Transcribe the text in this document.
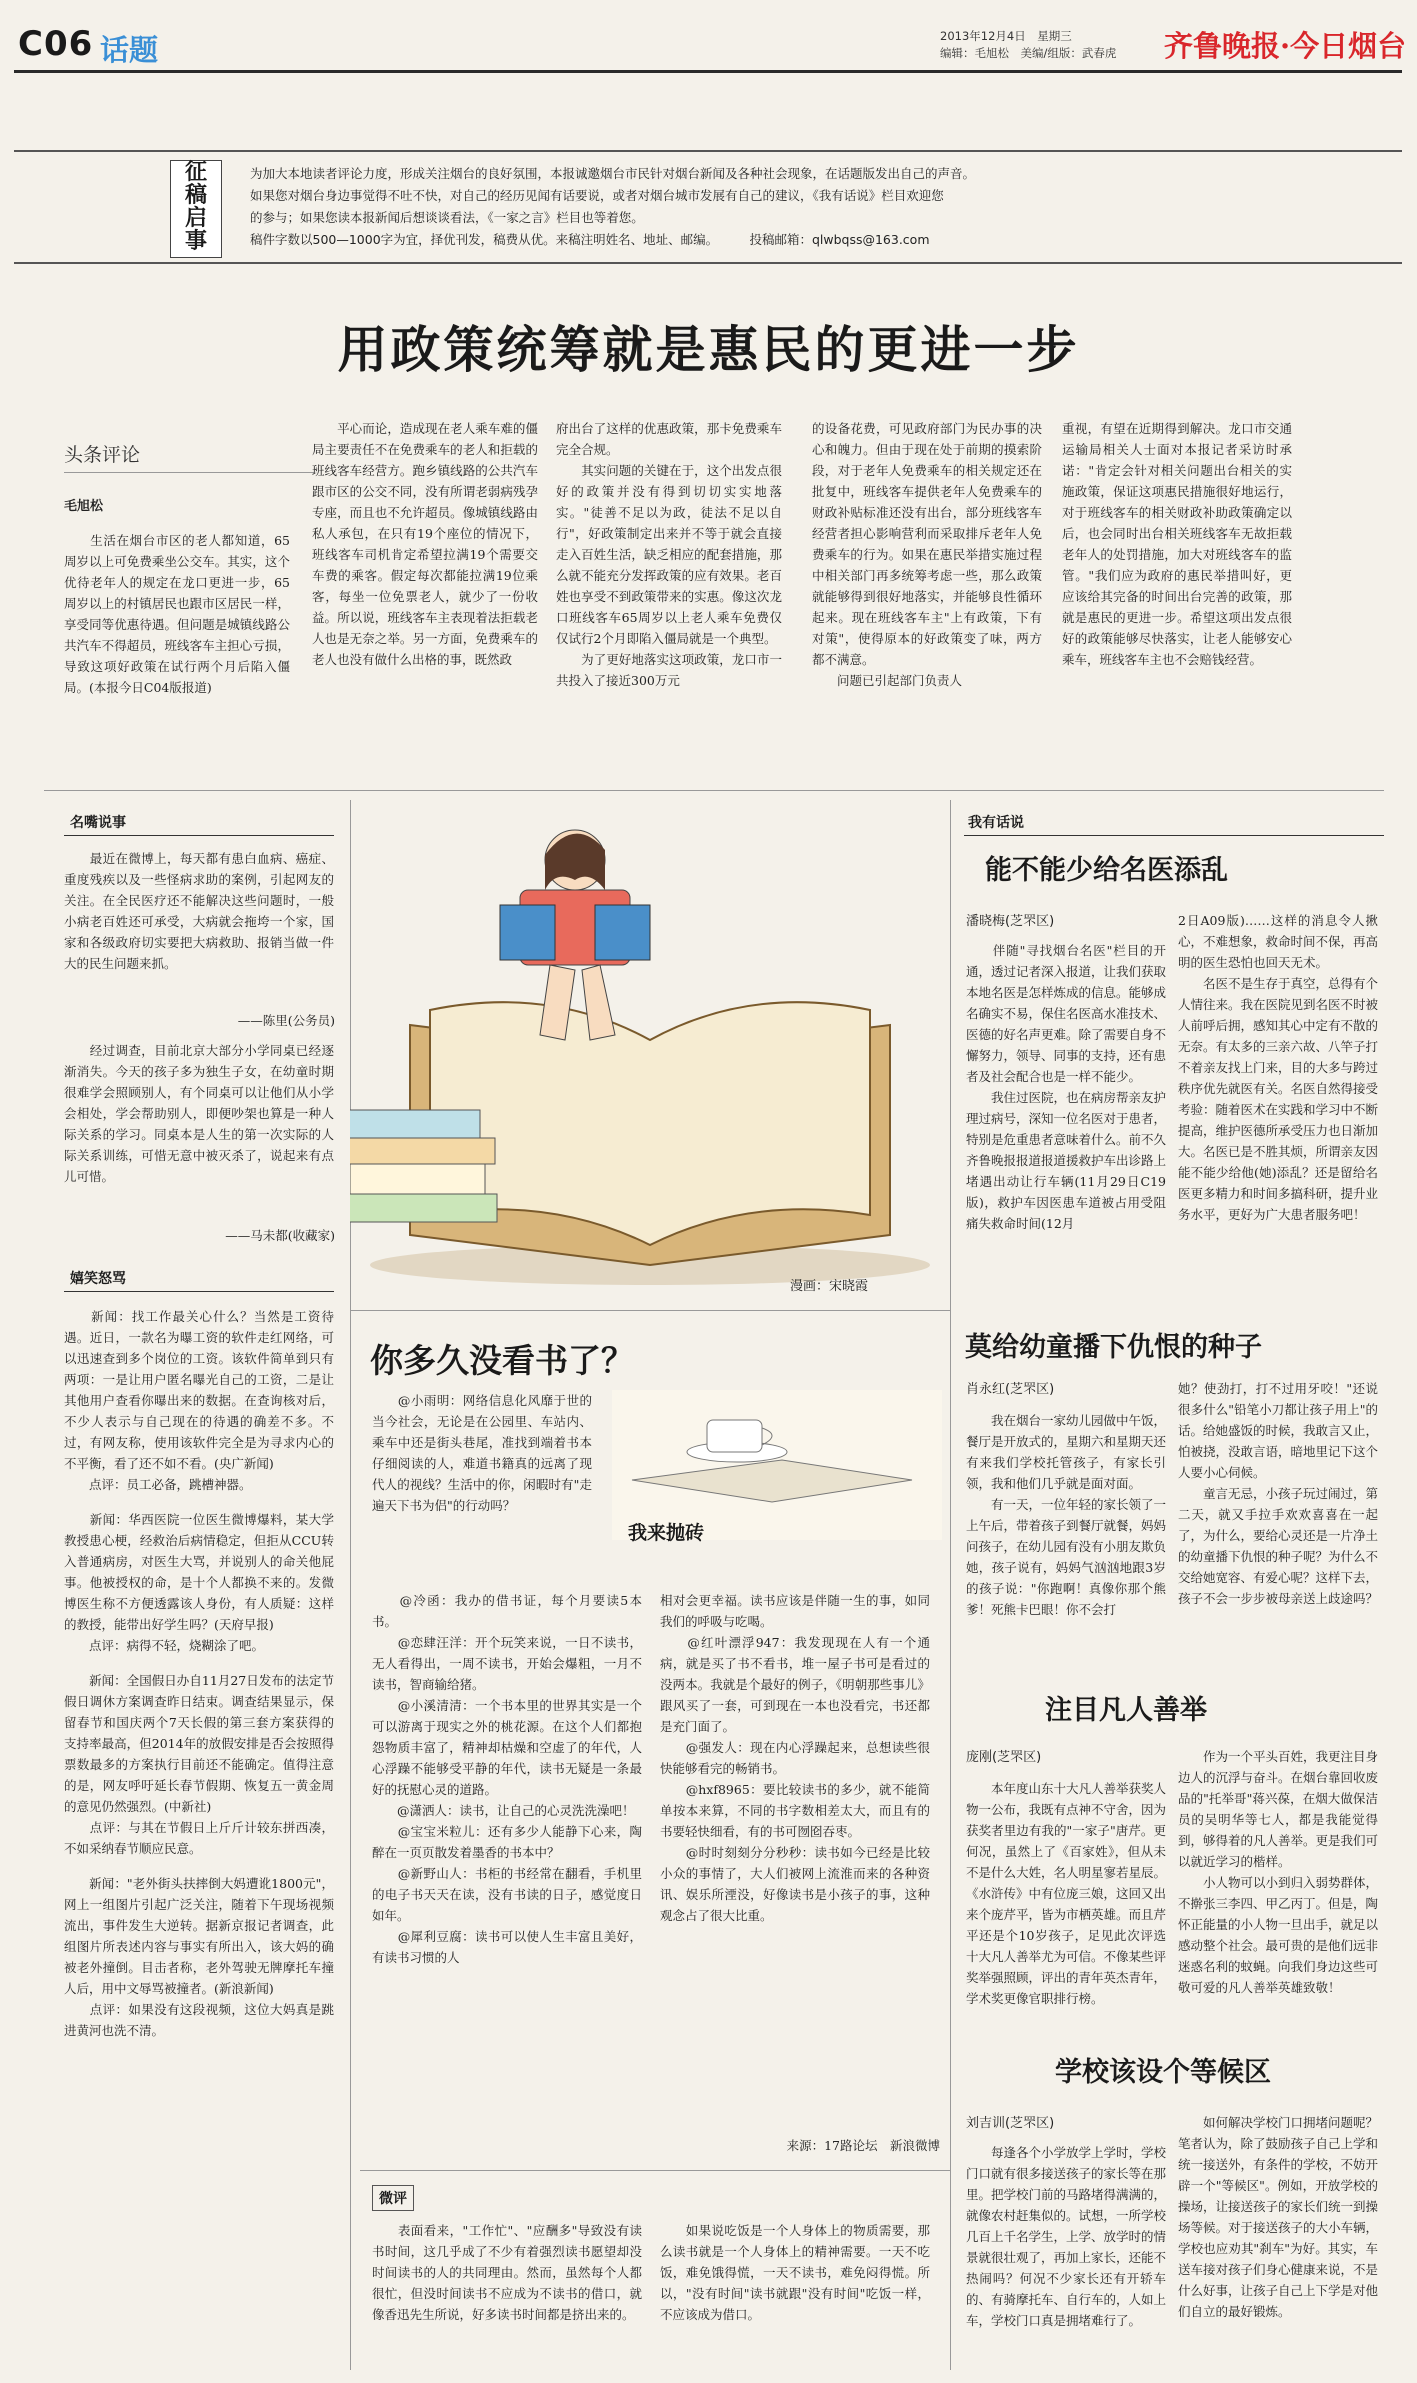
C06 话题	2013年12月4日　星期三
编辑：毛旭松　美编/组版：武春虎 齐鲁晚报·今日烟台
征
稿
启
事
为加大本地读者评论力度，形成关注烟台的良好氛围，本报诚邀烟台市民针对烟台新闻及各种社会现象，在话题版发出自己的声音。
如果您对烟台身边事觉得不吐不快，对自己的经历见闻有话要说，或者对烟台城市发展有自己的建议，《我有话说》栏目欢迎您
的参与；如果您读本报新闻后想谈谈看法，《一家之言》栏目也等着您。
稿件字数以500—1000字为宜，择优刊发，稿费从优。来稿注明姓名、地址、邮编。　　　	投稿邮箱：qlwbqss@163.com
用政策统筹就是惠民的更进一步
头条评论
毛旭松
　　生活在烟台市区的老人都知道，65周岁以上可免费乘坐公交车。其实，这个优待老年人的规定在龙口更进一步，65周岁以上的村镇居民也跟市区居民一样，享受同等优惠待遇。但问题是城镇线路公共汽车不得超员，班线客车主担心亏损，导致这项好政策在试行两个月后陷入僵局。(本报今日C04版报道)
　　平心而论，造成现在老人乘车难的僵局主要责任不在免费乘车的老人和拒载的班线客车经营方。跑乡镇线路的公共汽车跟市区的公交不同，没有所谓老弱病残孕专座，而且也不允许超员。像城镇线路由私人承包，在只有19个座位的情况下，班线客车司机肯定希望拉满19个需要交车费的乘客。假定每次都能拉满19位乘客，每坐一位免票老人，就少了一份收益。所以说，班线客车主表现着法拒载老人也是无奈之举。另一方面，免费乘车的老人也没有做什么出格的事，既然政
府出台了这样的优惠政策，那卡免费乘车完全合规。
　　其实问题的关键在于，这个出发点很好的政策并没有得到切切实实地落实。"徒善不足以为政，徒法不足以自行"，好政策制定出来并不等于就会直接走入百姓生活，缺乏相应的配套措施，那么就不能充分发挥政策的应有效果。老百姓也享受不到政策带来的实惠。像这次龙口班线客车65周岁以上老人乘车免费仅仅试行2个月即陷入僵局就是一个典型。
　　为了更好地落实这项政策，龙口市一共投入了接近300万元
的设备花费，可见政府部门为民办事的决心和魄力。但由于现在处于前期的摸索阶段，对于老年人免费乘车的相关规定还在批复中，班线客车提供老年人免费乘车的财政补贴标准还没有出台，部分班线客车经营者担心影响营利而采取排斥老年人免费乘车的行为。如果在惠民举措实施过程中相关部门再多统筹考虑一些，那么政策就能够得到很好地落实，并能够良性循环起来。现在班线客车主"上有政策，下有对策"，使得原本的好政策变了味，两方都不满意。
　　问题已引起部门负责人
重视，有望在近期得到解决。龙口市交通运输局相关人士面对本报记者采访时承诺："肯定会针对相关问题出台相关的实施政策，保证这项惠民措施很好地运行，对于班线客车的相关财政补助政策确定以后，也会同时出台相关班线客车无故拒载老年人的处罚措施，加大对班线客车的监管。"我们应为政府的惠民举措叫好，更应该给其完备的时间出台完善的政策，那就是惠民的更进一步。希望这项出发点很好的政策能够尽快落实，让老人能够安心乘车，班线客车主也不会赔钱经营。
名嘴说事
　　最近在微博上，每天都有患白血病、癌症、重度残疾以及一些怪病求助的案例，引起网友的关注。在全民医疗还不能解决这些问题时，一般小病老百姓还可承受，大病就会拖垮一个家，国家和各级政府切实要把大病救助、报销当做一件大的民生问题来抓。
——陈里(公务员)
　　经过调查，目前北京大部分小学同桌已经逐渐消失。今天的孩子多为独生子女，在幼童时期很难学会照顾别人，有个同桌可以让他们从小学会相处，学会帮助别人，即便吵架也算是一种人际关系的学习。同桌本是人生的第一次实际的人际关系训练，可惜无意中被灭杀了，说起来有点儿可惜。
——马未都(收藏家)
嬉笑怒骂
　　新闻：找工作最关心什么？当然是工资待遇。近日，一款名为曝工资的软件走红网络，可以迅速查到多个岗位的工资。该软件简单到只有两项：一是让用户匿名曝光自己的工资，二是让其他用户查看你曝出来的数据。在查询核对后，不少人表示与自己现在的待遇的确差不多。不过，有网友称，使用该软件完全是为寻求内心的不平衡，看了还不如不看。(央广新闻)
　　点评：员工必备，跳槽神器。
　　新闻：华西医院一位医生微博爆料，某大学教授患心梗，经救治后病情稳定，但拒从CCU转入普通病房，对医生大骂，并说别人的命关他屁事。他被授权的命，是十个人都换不来的。发微博医生称不方便透露该人身份，有人质疑：这样的教授，能带出好学生吗？(天府早报)
　　点评：病得不轻，烧糊涂了吧。
　　新闻：全国假日办自11月27日发布的法定节假日调休方案调查昨日结束。调查结果显示，保留春节和国庆两个7天长假的第三套方案获得的支持率最高，但2014年的放假安排是否会按照得票数最多的方案执行目前还不能确定。值得注意的是，网友呼吁延长春节假期、恢复五一黄金周的意见仍然强烈。(中新社)
　　点评：与其在节假日上斤斤计较东拼西凑，不如采纳春节顺应民意。
　　新闻："老外街头扶摔倒大妈遭讹1800元"，网上一组图片引起广泛关注，随着下午现场视频流出，事件发生大逆转。据新京报记者调查，此组图片所表述内容与事实有所出入，该大妈的确被老外撞倒。目击者称，老外驾驶无牌摩托车撞人后，用中文辱骂被撞者。(新浪新闻)
　　点评：如果没有这段视频，这位大妈真是跳进黄河也洗不清。
漫画：宋晓霞
你多久没看书了？
　　@小雨明：网络信息化风靡于世的当今社会，无论是在公园里、车站内、乘车中还是街头巷尾，准找到端着书本仔细阅读的人，难道书籍真的远离了现代人的视线？生活中的你，闲暇时有"走遍天下书为侣"的行动吗？
我来抛砖
　　@冷函：我办的借书证，每个月要读5本书。
　　@恋肆汪洋：开个玩笑来说，一日不读书，无人看得出，一周不读书，开始会爆粗，一月不读书，智商输给猪。
　　@小溪清清：一个书本里的世界其实是一个可以游离于现实之外的桃花源。在这个人们都抱怨物质丰富了，精神却枯燥和空虚了的年代，人心浮躁不能够受平静的年代，读书无疑是一条最好的抚慰心灵的道路。
　　@潇洒人：读书，让自己的心灵洗洗澡吧！
　　@宝宝米粒儿：还有多少人能静下心来，陶醉在一页页散发着墨香的书本中？
　　@新野山人：书柜的书经常在翻看，手机里的电子书天天在读，没有书读的日子，感觉度日如年。
　　@犀利豆腐：读书可以使人生丰富且美好，有读书习惯的人
相对会更幸福。读书应该是伴随一生的事，如同我们的呼吸与吃喝。
　　@红叶漂浮947：我发现现在人有一个通病，就是买了书不看书，堆一屋子书可是看过的没两本。我就是个最好的例子，《明朝那些事儿》跟风买了一套，可到现在一本也没看完，书还都是充门面了。
　　@强发人：现在内心浮躁起来，总想读些很快能够看完的畅销书。
　　@hxf8965：要比较读书的多少，就不能简单按本来算，不同的书字数相差太大，而且有的书要轻快细看，有的书可囫囵吞枣。
　　@时时刻刻分分秒秒：读书如今已经是比较小众的事情了，大人们被网上流淮而来的各种资讯、娱乐所湮没，好像读书是小孩子的事，这种观念占了很大比重。
来源：17路论坛　新浪微博
微评
　　表面看来，"工作忙"、"应酬多"导致没有读书时间，这几乎成了不少有着强烈读书愿望却没时间读书的人的共同理由。然而，虽然每个人都很忙，但没时间读书不应成为不读书的借口，就像香迅先生所说，好多读书时间都是挤出来的。
　　如果说吃饭是一个人身体上的物质需要，那么读书就是一个人身体上的精神需要。一天不吃饭，难免饿得慌，一天不读书，难免闷得慌。所以，"没有时间"读书就跟"没有时间"吃饭一样，不应该成为借口。
我有话说
能不能少给名医添乱
潘晓梅(芝罘区)
　　伴随"寻找烟台名医"栏目的开通，透过记者深入报道，让我们获取本地名医是怎样炼成的信息。能够成名确实不易，保住名医高水准技术、医德的好名声更难。除了需要自身不懈努力，领导、同事的支持，还有患者及社会配合也是一样不能少。
　　我住过医院，也在病房帮亲友护理过病号，深知一位名医对于患者，特别是危重患者意味着什么。前不久齐鲁晚报报道报道援救护车出诊路上堵遇出动让行车辆(11月29日C19版)，救护车因医患车道被占用受阻痛失救命时间(12月
2日A09版)……这样的消息令人揪心，不难想象，救命时间不保，再高明的医生恐怕也回天无术。
　　名医不是生存于真空，总得有个人情往来。我在医院见到名医不时被人前呼后拥，感知其心中定有不散的无奈。有太多的三亲六故、八竿子打不着亲友找上门来，目的大多与跨过秩序优先就医有关。名医自然得接受考验：随着医术在实践和学习中不断提高，维护医德所承受压力也日渐加大。名医已是不胜其烦，所谓亲友因能不能少给他(她)添乱？还是留给名医更多精力和时间多搞科研，提升业务水平，更好为广大患者服务吧！
莫给幼童播下仇恨的种子
肖永红(芝罘区)
　　我在烟台一家幼儿园做中午饭，餐厅是开放式的，星期六和星期天还有来我们学校托管孩子，有家长引领，我和他们几乎就是面对面。
　　有一天，一位年轻的家长领了一上午后，带着孩子到餐厅就餐，妈妈问孩子，在幼儿园有没有小朋友欺负她，孩子说有，妈妈气汹汹地跟3岁的孩子说："你跑啊！真像你那个熊爹！死熊卡巴眼！你不会打
她？使劲打，打不过用牙咬！"还说很多什么"铅笔小刀都让孩子用上"的话。给她盛饭的时候，我敢言又止，怕被挠，没敢言语，暗地里记下这个人要小心伺候。
　　童言无忌，小孩子玩过闹过，第二天，就又手拉手欢欢喜喜在一起了，为什么，要给心灵还是一片净土的幼童播下仇恨的种子呢？为什么不交给她宽容、有爱心呢？这样下去，孩子不会一步步被母亲送上歧途吗？
注目凡人善举
庞刚(芝罘区)
　　本年度山东十大凡人善举获奖人物一公布，我既有点神不守舍，因为获奖者里边有我的"一家子"唐芹。更何况，虽然上了《百家姓》，但从未不是什么大姓，名人明星寥若星辰。《水浒传》中有位庞三娘，这回又出来个庞芹平，皆为市栖英雄。而且芹平还是个10岁孩子，足见此次评选十大凡人善举尤为可信。不像某些评奖举强照顾，评出的青年英杰青年，学术奖更像官职排行榜。
　　作为一个平头百姓，我更注目身边人的沉浮与奋斗。在烟台靠回收废品的"托举哥"蒋兴葆，在烟大做保洁员的吴明华等七人，都是我能觉得到，够得着的凡人善举。更是我们可以就近学习的楷样。
　　小人物可以小到归入弱势群体，不擀张三李四、甲乙丙丁。但是，陶怀正能量的小人物一旦出手，就足以感动整个社会。最可贵的是他们远非迷惑名利的蚊蝇。向我们身边这些可敬可爱的凡人善举英雄致敬！
学校该设个等候区
刘吉训(芝罘区)
　　每逢各个小学放学上学时，学校门口就有很多接送孩子的家长等在那里。把学校门前的马路堵得满满的，就像农村赶集似的。试想，一所学校几百上千名学生，上学、放学时的情景就很壮观了，再加上家长，还能不热闹吗？何况不少家长还有开轿车的、有骑摩托车、自行车的，人如上车，学校门口真是拥堵难行了。
　　如何解决学校门口拥堵问题呢？笔者认为，除了鼓励孩子自己上学和统一接送外，有条件的学校，不妨开辟一个"等候区"。例如，开放学校的操场，让接送孩子的家长们统一到操场等候。对于接送孩子的大小车辆，学校也应劝其"刹车"为好。其实，车送车接对孩子们身心健康来说，不是什么好事，让孩子自己上下学是对他们自立的最好锻炼。
